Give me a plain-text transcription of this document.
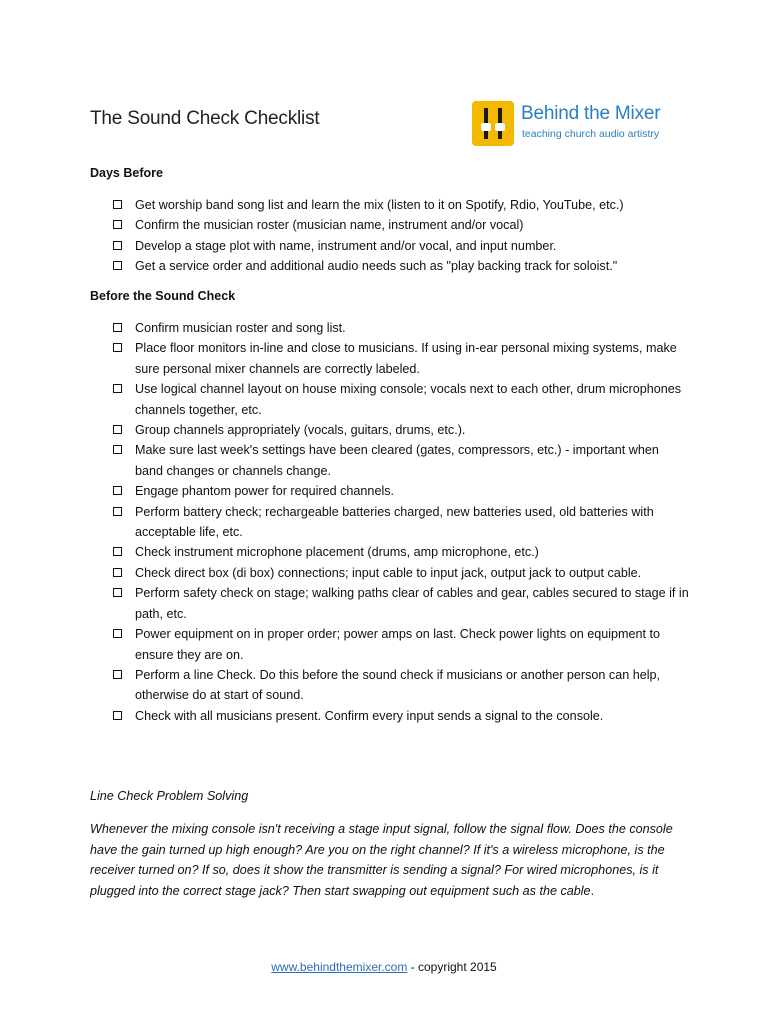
The Sound Check Checklist	Behind the Mixer
teaching church audio artistry
Days Before
Get worship band song list and learn the mix (listen to it on Spotify, Rdio, YouTube, etc.)
Confirm the musician roster (musician name, instrument and/or vocal)
Develop a stage plot with name, instrument and/or vocal, and input number.
Get a service order and additional audio needs such as "play backing track for soloist."
Before the Sound Check
Confirm musician roster and song list.
Place floor monitors in-line and close to musicians. If using in-ear personal mixing systems, make sure personal mixer channels are correctly labeled.
Use logical channel layout on house mixing console; vocals next to each other, drum microphones channels together, etc.
Group channels appropriately (vocals, guitars, drums, etc.).
Make sure last week's settings have been cleared (gates, compressors, etc.) - important when band changes or channels change.
Engage phantom power for required channels.
Perform battery check; rechargeable batteries charged, new batteries used, old batteries with acceptable life, etc.
Check instrument microphone placement (drums, amp microphone, etc.)
Check direct box (di box) connections; input cable to input jack, output jack to output cable.
Perform safety check on stage; walking paths clear of cables and gear, cables secured to stage if in path, etc.
Power equipment on in proper order; power amps on last. Check power lights on equipment to ensure they are on.
Perform a line Check. Do this before the sound check if musicians or another person can help, otherwise do at start of sound.
Check with all musicians present. Confirm every input sends a signal to the console.
Line Check Problem Solving

Whenever the mixing console isn't receiving a stage input signal, follow the signal flow. Does the console have the gain turned up high enough? Are you on the right channel? If it's a wireless microphone, is the receiver turned on? If so, does it show the transmitter is sending a signal? For wired microphones, is it plugged into the correct stage jack? Then start swapping out equipment such as the cable.

www.behindthemixer.com - copyright 2015
